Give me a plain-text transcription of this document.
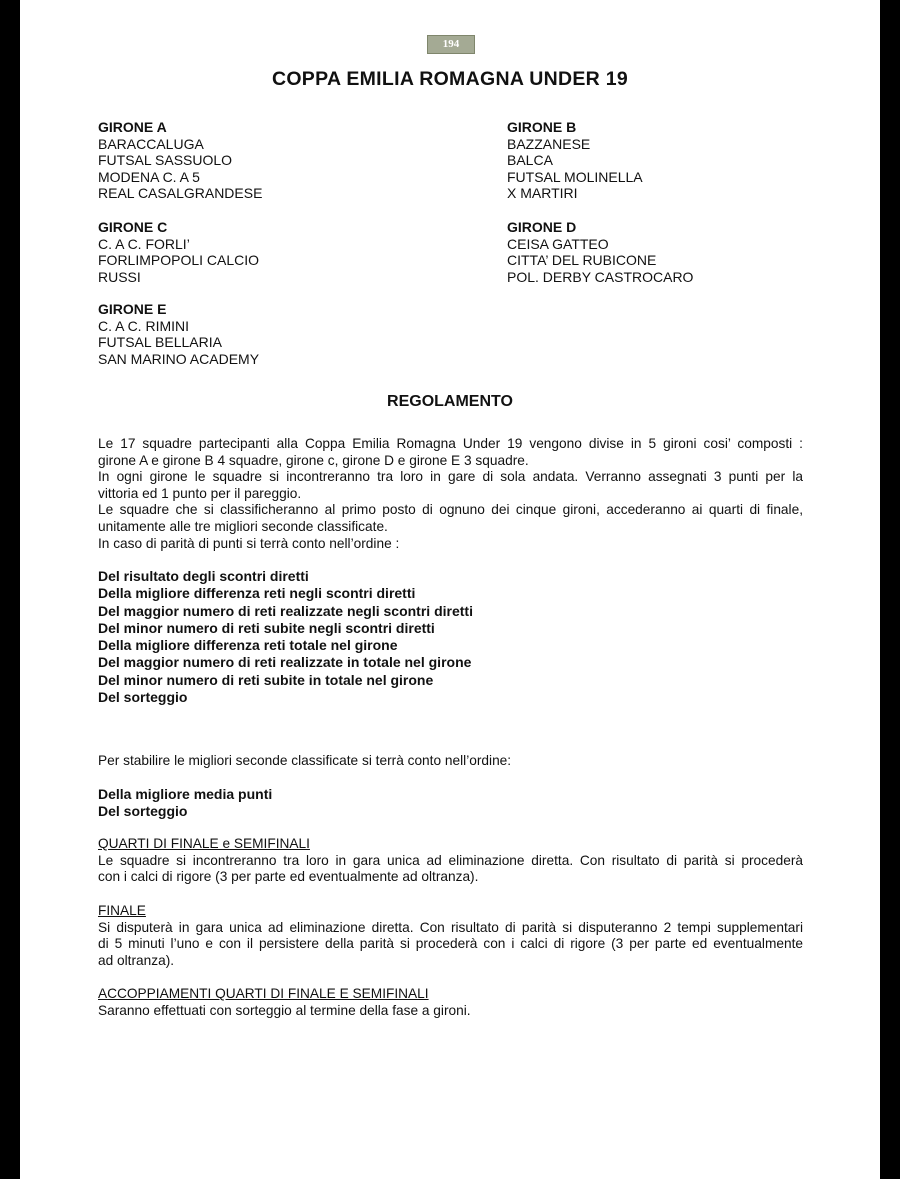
194
COPPA EMILIA ROMAGNA UNDER 19
GIRONE A
BARACCALUGA
FUTSAL SASSUOLO
MODENA C. A 5
REAL CASALGRANDESE
GIRONE B
BAZZANESE
BALCA
FUTSAL MOLINELLA
X MARTIRI
GIRONE C
C. A C. FORLI’
FORLIMPOPOLI CALCIO
RUSSI
GIRONE D
CEISA GATTEO
CITTA’ DEL RUBICONE
POL. DERBY CASTROCARO
GIRONE E
C. A C. RIMINI
FUTSAL BELLARIA
SAN MARINO ACADEMY
REGOLAMENTO
Le 17 squadre partecipanti alla Coppa Emilia Romagna Under 19 vengono divise in 5 gironi cosi’ composti :
girone A e girone B 4 squadre, girone c, girone D e girone E 3 squadre.
In ogni girone le squadre si incontreranno tra loro in gare di sola andata. Verranno assegnati 3 punti per la
vittoria ed 1 punto per il pareggio.
Le squadre che si classificheranno al primo posto di ognuno dei cinque gironi, accederanno ai quarti di finale,
unitamente alle tre migliori seconde classificate.
In caso di parità di punti si terrà conto nell’ordine :
Del risultato degli scontri diretti
Della migliore differenza reti negli scontri diretti
Del maggior numero di reti realizzate negli scontri diretti
Del minor numero di reti subite negli scontri diretti
Della migliore differenza reti totale nel girone
Del maggior numero di reti realizzate in totale nel girone
Del minor numero di reti subite in totale nel girone
Del sorteggio
Per stabilire le migliori seconde classificate si terrà conto nell’ordine:
Della migliore media punti
Del sorteggio
QUARTI DI FINALE e SEMIFINALI
Le squadre si incontreranno tra loro in gara unica ad eliminazione diretta. Con risultato di parità si procederà
con i calci di rigore (3 per parte ed eventualmente ad oltranza).
FINALE
Si disputerà in gara unica ad eliminazione diretta. Con risultato di parità si disputeranno 2 tempi supplementari
di 5 minuti l’uno e con il persistere della parità si procederà con i calci di rigore (3 per parte ed eventualmente
ad oltranza).
ACCOPPIAMENTI QUARTI DI FINALE E SEMIFINALI
Saranno effettuati con sorteggio al termine della fase a gironi.
